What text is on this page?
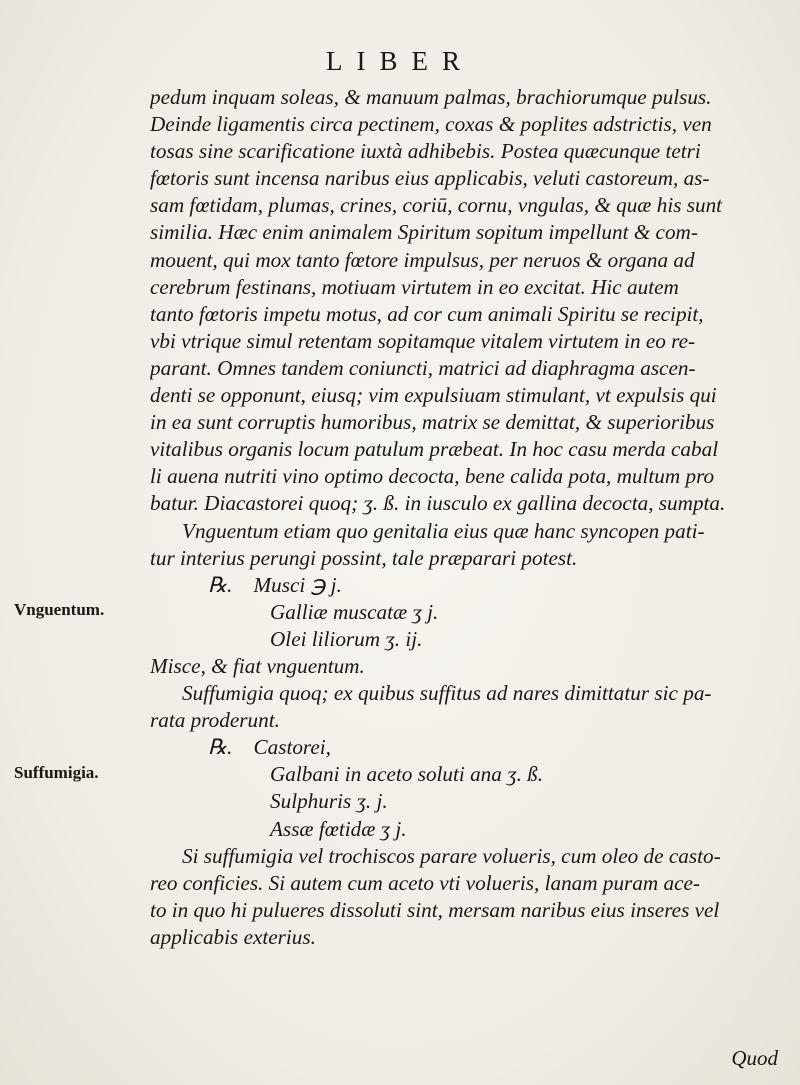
LIBER
pedum inquam soleas, & manuum palmas, brachiorumque pulsus.
Deinde ligamentis circa pectinem, coxas & poplites adstrictis, ven
tosas sine scarificatione iuxtà adhibebis. Postea quæcunque tetri
fœtoris sunt incensa naribus eius applicabis, veluti castoreum, as-
sam fœtidam, plumas, crines, coriū, cornu, vngulas, & quæ his sunt
similia. Hæc enim animalem Spiritum sopitum impellunt & com-
mouent, qui mox tanto fœtore impulsus, per neruos & organa ad
cerebrum festinans, motiuam virtutem in eo excitat. Hic autem
tanto fœtoris impetu motus, ad cor cum animali Spiritu se recipit,
vbi vtrique simul retentam sopitamque vitalem virtutem in eo re-
parant. Omnes tandem coniuncti, matrici ad diaphragma ascen-
denti se opponunt, eiusq; vim expulsiuam stimulant, vt expulsis qui
in ea sunt corruptis humoribus, matrix se demittat, & superioribus
vitalibus organis locum patulum præbeat. In hoc casu merda cabal
li auena nutriti vino optimo decocta, bene calida pota, multum pro
batur. Diacastorei quoq; ʒ. ß. in iusculo ex gallina decocta, sumpta.
Vnguentum etiam quo genitalia eius quæ hanc syncopen pati-
tur interius perungi possint, tale præparari potest.
℞. Musci ℈ j.
Galliæ muscatæ ʒ j.
Olei liliorum ʒ. ij.
Misce, & fiat vnguentum.
Suffumigia quoq; ex quibus suffitus ad nares dimittatur sic pa-
rata proderunt.
℞. Castorei,
Galbani in aceto soluti ana ʒ. ß.
Sulphuris ʒ. j.
Assæ fœtidæ ʒ j.
Si suffumigia vel trochiscos parare volueris, cum oleo de casto-
reo conficies. Si autem cum aceto vti volueris, lanam puram ace-
to in quo hi pulueres dissoluti sint, mersam naribus eius inseres vel
applicabis exterius.
Vnguentum.
Suffumigia.
Quod
